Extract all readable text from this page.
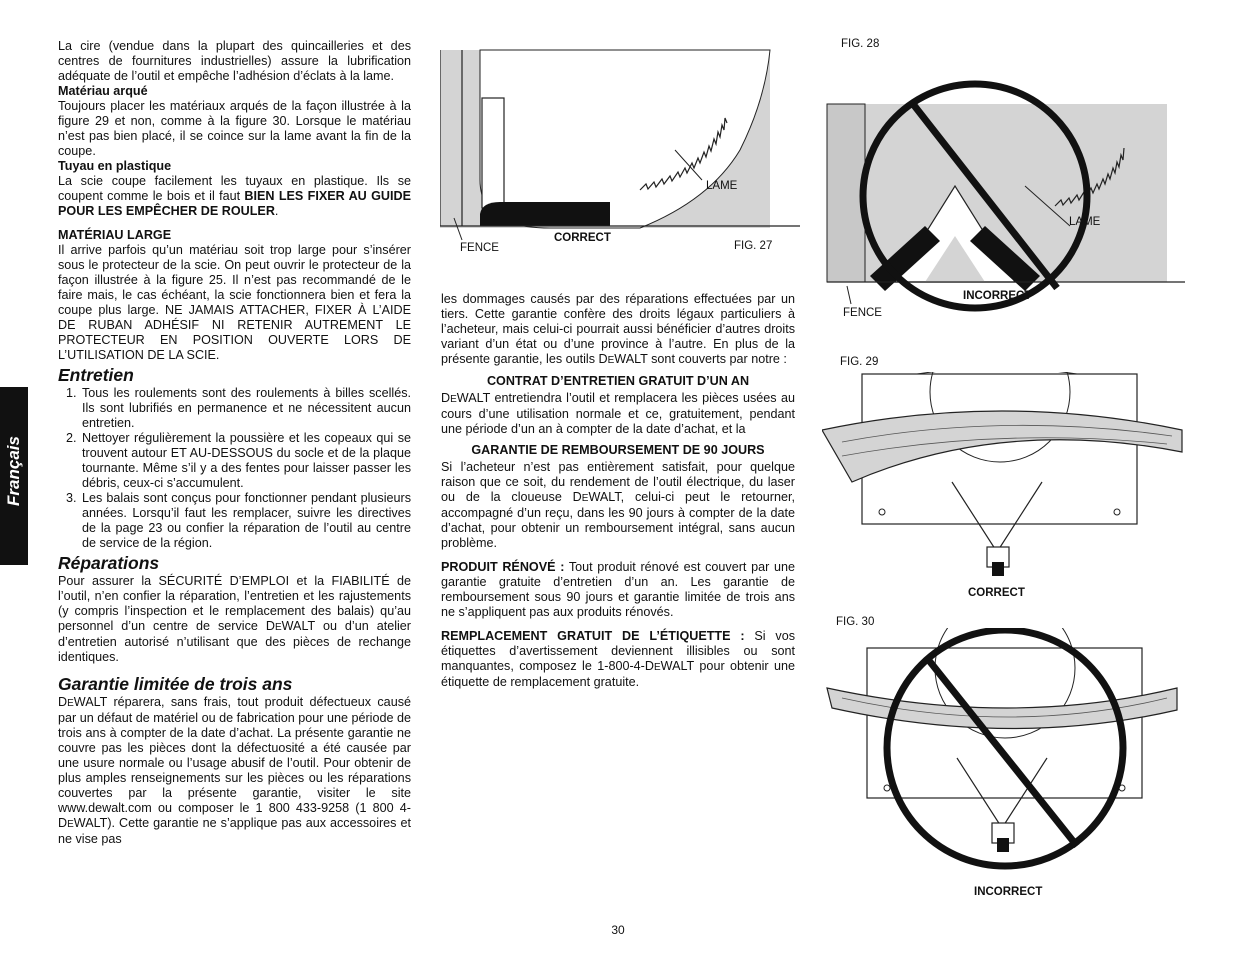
Français

La cire (vendue dans la plupart des quincailleries et des centres de fournitures industrielles) assure la lubrification adéquate de l’outil et empêche l’adhésion d’éclats à la lame.

Matériau arqué

Toujours placer les matériaux arqués de la façon illustrée à la figure 29 et non, comme à la figure 30. Lorsque le matériau n’est pas bien placé, il se coince sur la lame avant la fin de la coupe.

Tuyau en plastique

La scie coupe facilement les tuyaux en plastique. Ils se coupent comme le bois et il faut BIEN LES FIXER AU GUIDE POUR LES EMPÊCHER DE ROULER.

MATÉRIAU LARGE

Il arrive parfois qu’un matériau soit trop large pour s’insérer sous le protecteur de la scie. On peut ouvrir le protecteur de la façon illustrée à la figure 25. Il n’est pas recommandé de le faire mais, le cas échéant, la scie fonctionnera bien et fera la coupe plus large. NE JAMAIS ATTACHER, FIXER À L’AIDE DE RUBAN ADHÉSIF NI RETENIR AUTREMENT LE PROTECTEUR EN POSITION OUVERTE LORS DE L’UTILISATION DE LA SCIE.

Entretien
1. Tous les roulements sont des roulements à billes scellés. Ils sont lubrifiés en permanence et ne nécessitent aucun entretien.
2. Nettoyer régulièrement la poussière et les copeaux qui se trouvent autour ET AU-DESSOUS du socle et de la plaque tournante. Même s’il y a des fentes pour laisser passer les débris, ceux-ci s’accumulent.
3. Les balais sont conçus pour fonctionner pendant plusieurs années. Lorsqu’il faut les remplacer, suivre les directives de la page 23 ou confier la réparation de l’outil au centre de service de la région.
Réparations

Pour assurer la SÉCURITÉ D’EMPLOI et la FIABILITÉ de l’outil, n’en confier la réparation, l’entretien et les rajustements (y compris l’inspection et le remplacement des balais) qu’au personnel d’un centre de service DEWALT ou d’un atelier d’entretien autorisé n’utilisant que des pièces de rechange identiques.

Garantie limitée de trois ans

DEWALT réparera, sans frais, tout produit défectueux causé par un défaut de matériel ou de fabrication pour une période de trois ans à compter de la date d’achat. La présente garantie ne couvre pas les pièces dont la défectuosité a été causée par une usure normale ou l’usage abusif de l’outil. Pour obtenir de plus amples renseignements sur les pièces ou les réparations couvertes par la présente garantie, visiter le site www.dewalt.com ou composer le 1 800 433-9258 (1 800 4-DEWALT). Cette garantie ne s’applique pas aux accessoires et ne vise pas

les dommages causés par des réparations effectuées par un tiers. Cette garantie confère des droits légaux particuliers à l’acheteur, mais celui-ci pourrait aussi bénéficier d’autres droits variant d’un état ou d’une province à l’autre. En plus de la présente garantie, les outils DEWALT sont couverts par notre :

CONTRAT D’ENTRETIEN GRATUIT D’UN AN

DEWALT entretiendra l’outil et remplacera les pièces usées au cours d’une utilisation normale et ce, gratuitement, pendant une période d’un an à compter de la date d’achat, et la

GARANTIE DE REMBOURSEMENT DE 90 JOURS

Si l’acheteur n’est pas entièrement satisfait, pour quelque raison que ce soit, du rendement de l’outil électrique, du laser ou de la cloueuse DEWALT, celui-ci peut le retourner, accompagné d’un reçu, dans les 90 jours à compter de la date d’achat, pour obtenir un remboursement intégral, sans aucun problème.

PRODUIT RÉNOVÉ : Tout produit rénové est couvert par une garantie gratuite d’entretien d’un an. Les garantie de remboursement sous 90 jours et garantie limitée de trois ans ne s’appliquent pas aux produits rénovés.

REMPLACEMENT GRATUIT DE L’ÉTIQUETTE : Si vos étiquettes d’avertissement deviennent illisibles ou sont manquantes, composez le 1-800-4-DEWALT pour obtenir une étiquette de remplacement gratuite.

LAME
CORRECT
FENCE	FIG. 27
FIG. 28
LAME
INCORRECT
FENCE
FIG. 29
CORRECT
FIG. 30
INCORRECT
30
